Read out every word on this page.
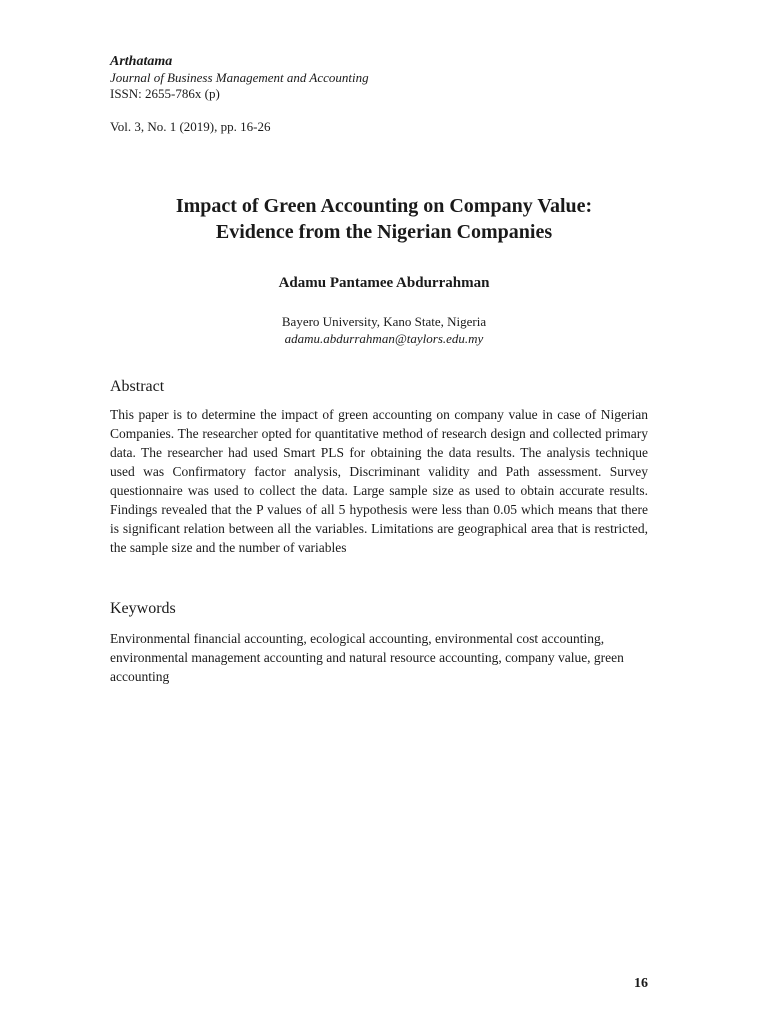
Arthatama

Journal of Business Management and Accounting

ISSN: 2655-786x (p)

Vol. 3, No. 1 (2019), pp. 16-26

Impact of Green Accounting on Company Value:

Evidence from the Nigerian Companies

Adamu Pantamee Abdurrahman

Bayero University, Kano State, Nigeria

adamu.abdurrahman@taylors.edu.my

Abstract

This paper is to determine the impact of green accounting on company value in case of Nigerian Companies. The researcher opted for quantitative method of research design and collected primary data. The researcher had used Smart PLS for obtaining the data results. The analysis technique used was Confirmatory factor analysis, Discriminant validity and Path assessment. Survey questionnaire was used to collect the data. Large sample size as used to obtain accurate results. Findings revealed that the P values of all 5 hypothesis were less than 0.05 which means that there is significant relation between all the variables. Limitations are geographical area that is restricted, the sample size and the number of variables

Keywords

Environmental financial accounting, ecological accounting, environmental cost accounting, environmental management accounting and natural resource accounting, company value, green accounting

16
